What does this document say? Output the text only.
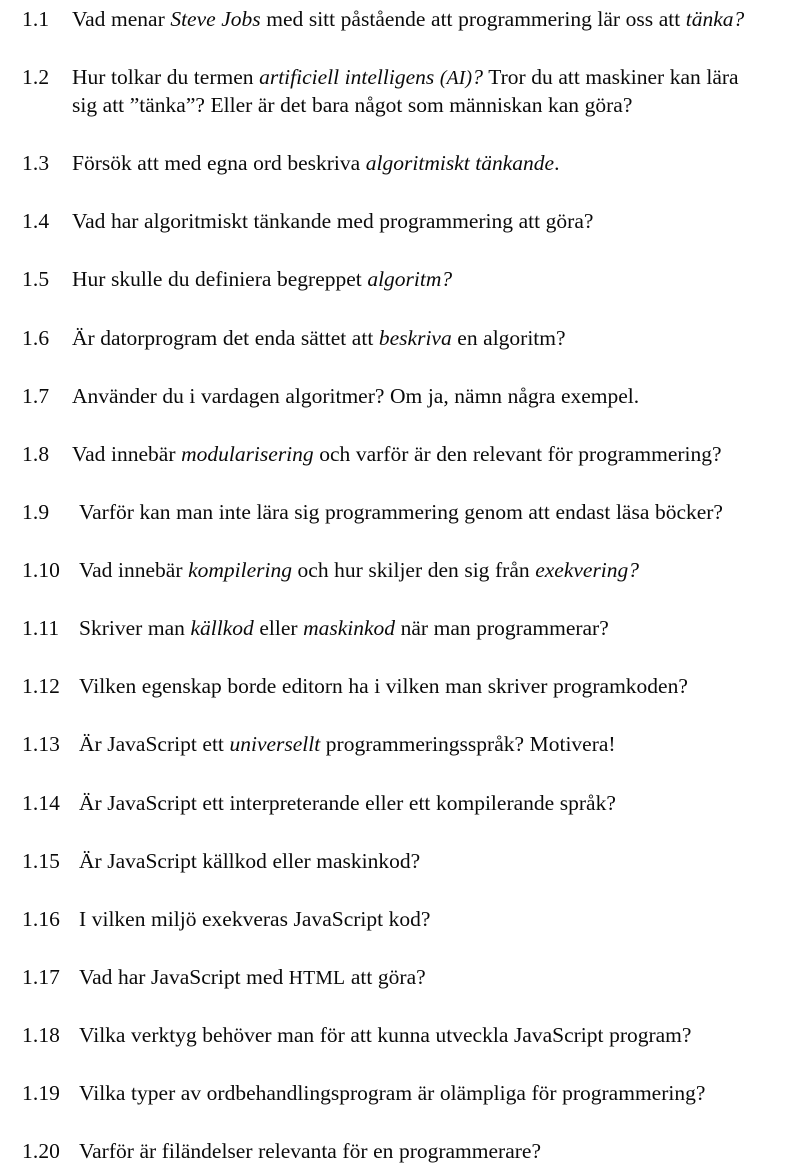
1.1	Vad menar Steve Jobs med sitt påstående att programmering lär oss att tänka?
1.2	Hur tolkar du termen artificiell intelligens (AI)? Tror du att maskiner kan lära sig att ”tänka”? Eller är det bara något som människan kan göra?
1.3	Försök att med egna ord beskriva algoritmiskt tänkande.
1.4	Vad har algoritmiskt tänkande med programmering att göra?
1.5	Hur skulle du definiera begreppet algoritm?
1.6	Är datorprogram det enda sättet att beskriva en algoritm?
1.7	Använder du i vardagen algoritmer? Om ja, nämn några exempel.
1.8	Vad innebär modularisering och varför är den relevant för programmering?
1.9	Varför kan man inte lära sig programmering genom att endast läsa böcker?
1.10 Vad innebär kompilering och hur skiljer den sig från exekvering?
1.11 Skriver man källkod eller maskinkod när man programmerar?
1.12 Vilken egenskap borde editorn ha i vilken man skriver programkoden?
1.13 Är JavaScript ett universellt programmeringsspråk? Motivera!
1.14 Är JavaScript ett interpreterande eller ett kompilerande språk?
1.15 Är JavaScript källkod eller maskinkod?
1.16 I vilken miljö exekveras JavaScript kod?
1.17 Vad har JavaScript med HTML att göra?
1.18 Vilka verktyg behöver man för att kunna utveckla JavaScript program?
1.19 Vilka typer av ordbehandlingsprogram är olämpliga för programmering?
1.20 Varför är filändelser relevanta för en programmerare?
